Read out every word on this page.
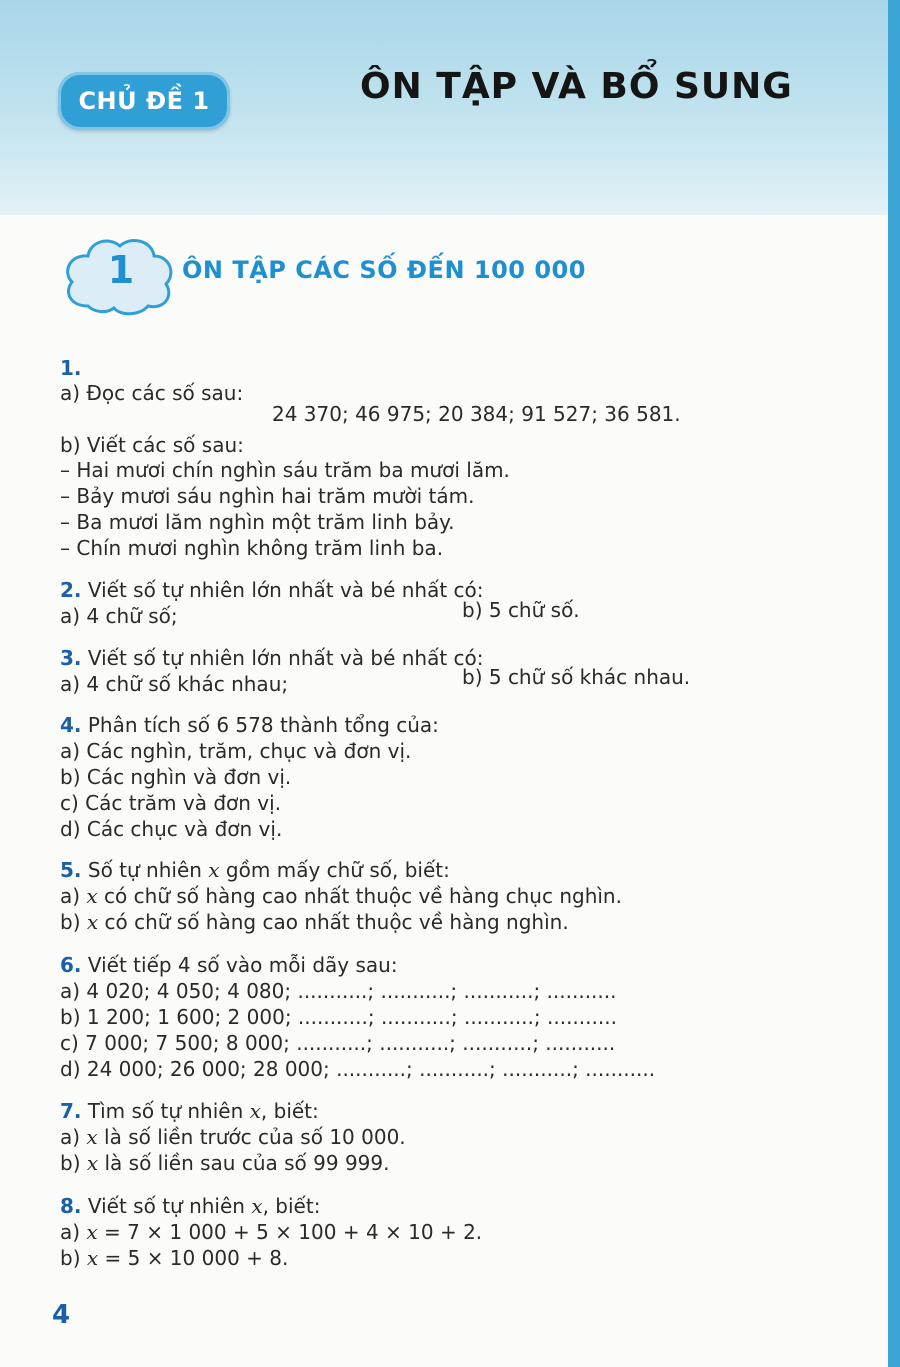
CHỦ ĐỀ 1	ÔN TẬP VÀ BỔ SUNG
1 ÔN TẬP CÁC SỐ ĐẾN 100 000
1.
a) Đọc các số sau:
24 370; 46 975; 20 384; 91 527; 36 581.
b) Viết các số sau:
– Hai mươi chín nghìn sáu trăm ba mươi lăm.
– Bảy mươi sáu nghìn hai trăm mười tám.
– Ba mươi lăm nghìn một trăm linh bảy.
– Chín mươi nghìn không trăm linh ba.
2. Viết số tự nhiên lớn nhất và bé nhất có:
a) 4 chữ số;	b) 5 chữ số.
3. Viết số tự nhiên lớn nhất và bé nhất có:
a) 4 chữ số khác nhau;	b) 5 chữ số khác nhau.
4. Phân tích số 6 578 thành tổng của:
a) Các nghìn, trăm, chục và đơn vị.
b) Các nghìn và đơn vị.
c) Các trăm và đơn vị.
d) Các chục và đơn vị.
5. Số tự nhiên x gồm mấy chữ số, biết:
a) x có chữ số hàng cao nhất thuộc về hàng chục nghìn.
b) x có chữ số hàng cao nhất thuộc về hàng nghìn.
6. Viết tiếp 4 số vào mỗi dãy sau:
a) 4 020; 4 050; 4 080; ...........; ...........; ...........; ...........
b) 1 200; 1 600; 2 000; ...........; ...........; ...........; ...........
c) 7 000; 7 500; 8 000; ...........; ...........; ...........; ...........
d) 24 000; 26 000; 28 000; ...........; ...........; ...........; ...........
7. Tìm số tự nhiên x, biết:
a) x là số liền trước của số 10 000.
b) x là số liền sau của số 99 999.
8. Viết số tự nhiên x, biết:
a) x = 7 × 1 000 + 5 × 100 + 4 × 10 + 2.
b) x = 5 × 10 000 + 8.
4
